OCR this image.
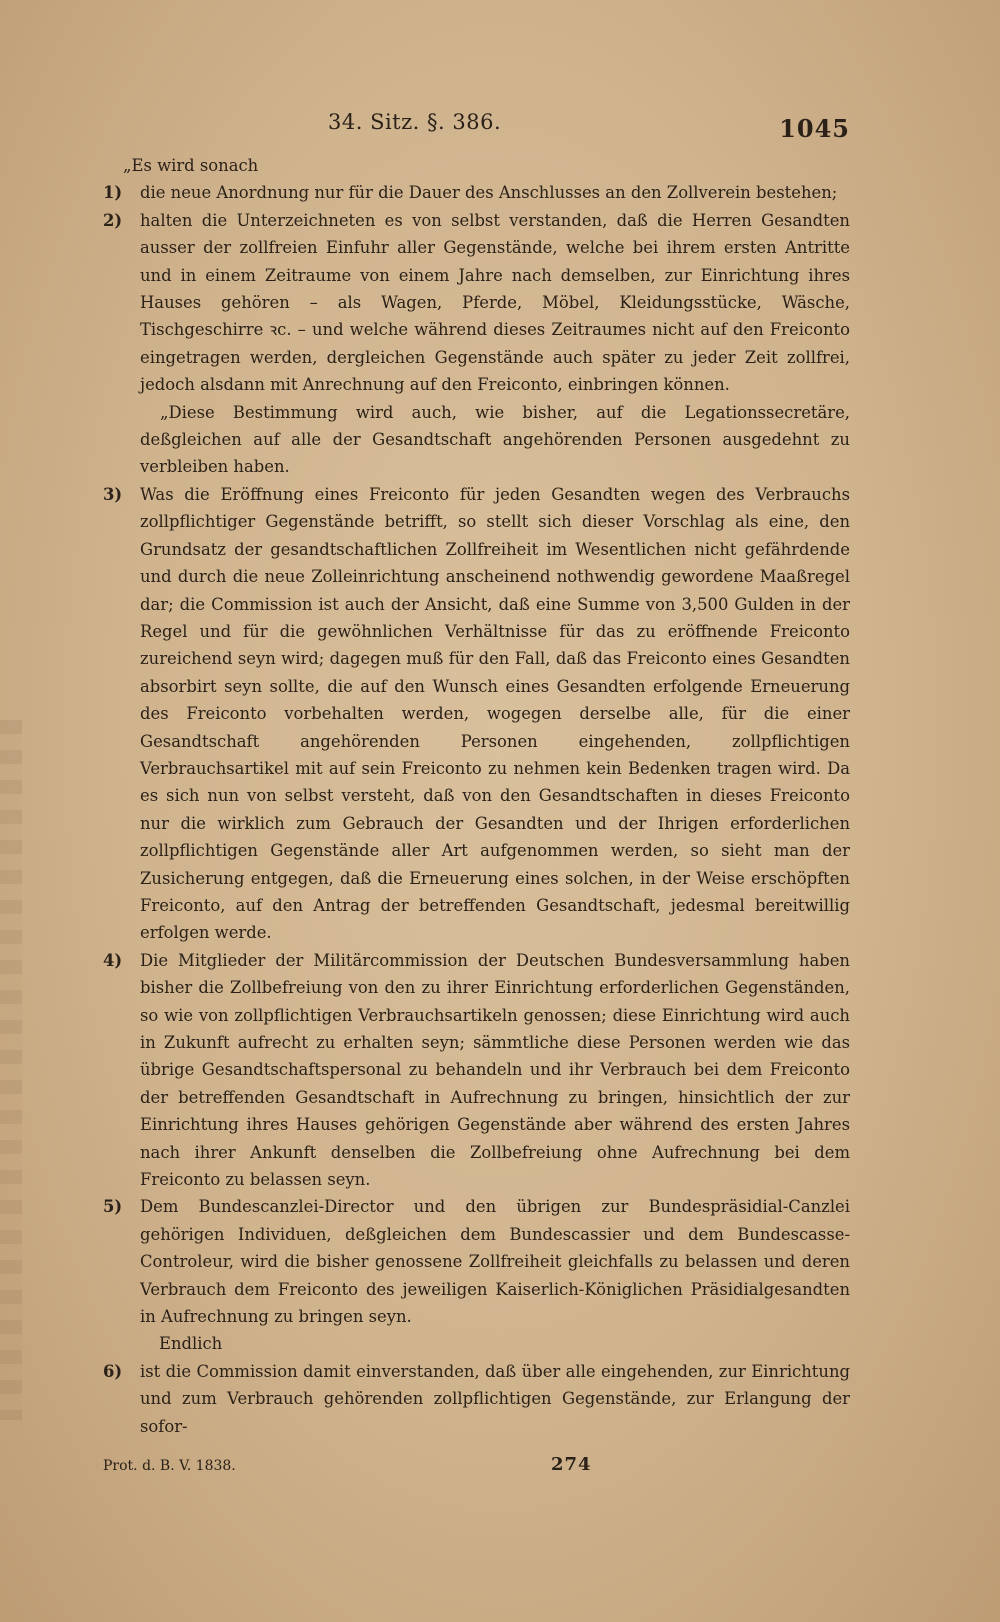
34. Sitz. §. 386.	1045
„Es wird sonach
1)	die neue Anordnung nur für die Dauer des Anschlusses an den Zollverein bestehen;
2)	halten die Unterzeichneten es von selbst verstanden, daß die Herren Gesandten ausser der zollfreien Einfuhr aller Gegenstände, welche bei ihrem ersten Antritte und in einem Zeitraume von einem Jahre nach demselben, zur Einrichtung ihres Hauses gehören – als Wagen, Pferde, Möbel, Kleidungsstücke, Wäsche, Tischgeschirre ꝛc. – und welche während dieses Zeitraumes nicht auf den Freiconto eingetragen werden, dergleichen Gegenstände auch später zu jeder Zeit zollfrei, jedoch alsdann mit Anrechnung auf den Freiconto, einbringen können.
„Diese Bestimmung wird auch, wie bisher, auf die Legationssecretäre, deßgleichen auf alle der Gesandtschaft angehörenden Personen ausgedehnt zu verbleiben haben.
3)	Was die Eröffnung eines Freiconto für jeden Gesandten wegen des Verbrauchs zollpflichtiger Gegenstände betrifft, so stellt sich dieser Vorschlag als eine, den Grundsatz der gesandtschaftlichen Zollfreiheit im Wesentlichen nicht gefährdende und durch die neue Zolleinrichtung anscheinend nothwendig gewordene Maaßregel dar; die Commission ist auch der Ansicht, daß eine Summe von 3,500 Gulden in der Regel und für die gewöhnlichen Verhältnisse für das zu eröffnende Freiconto zureichend seyn wird; dagegen muß für den Fall, daß das Freiconto eines Gesandten absorbirt seyn sollte, die auf den Wunsch eines Gesandten erfolgende Erneuerung des Freiconto vorbehalten werden, wogegen derselbe alle, für die einer Gesandtschaft angehörenden Personen eingehenden, zollpflichtigen Verbrauchsartikel mit auf sein Freiconto zu nehmen kein Bedenken tragen wird. Da es sich nun von selbst versteht, daß von den Gesandtschaften in dieses Freiconto nur die wirklich zum Gebrauch der Gesandten und der Ihrigen erforderlichen zollpflichtigen Gegenstände aller Art aufgenommen werden, so sieht man der Zusicherung entgegen, daß die Erneuerung eines solchen, in der Weise erschöpften Freiconto, auf den Antrag der betreffenden Gesandtschaft, jedesmal bereitwillig erfolgen werde.
4)	Die Mitglieder der Militärcommission der Deutschen Bundesversammlung haben bisher die Zollbefreiung von den zu ihrer Einrichtung erforderlichen Gegenständen, so wie von zollpflichtigen Verbrauchsartikeln genossen; diese Einrichtung wird auch in Zukunft aufrecht zu erhalten seyn; sämmtliche diese Personen werden wie das übrige Gesandtschaftspersonal zu behandeln und ihr Verbrauch bei dem Freiconto der betreffenden Gesandtschaft in Aufrechnung zu bringen, hinsichtlich der zur Einrichtung ihres Hauses gehörigen Gegenstände aber während des ersten Jahres nach ihrer Ankunft denselben die Zollbefreiung ohne Aufrechnung bei dem Freiconto zu belassen seyn.
5)	Dem Bundescanzlei-Director und den übrigen zur Bundespräsidial-Canzlei gehörigen Individuen, deßgleichen dem Bundescassier und dem Bundescasse-Controleur, wird die bisher genossene Zollfreiheit gleichfalls zu belassen und deren Verbrauch dem Freiconto des jeweiligen Kaiserlich-Königlichen Präsidialgesandten in Aufrechnung zu bringen seyn.
Endlich
6)	ist die Commission damit einverstanden, daß über alle eingehenden, zur Einrichtung und zum Verbrauch gehörenden zollpflichtigen Gegenstände, zur Erlangung der sofor-
Prot. d. B. V. 1838.	274
